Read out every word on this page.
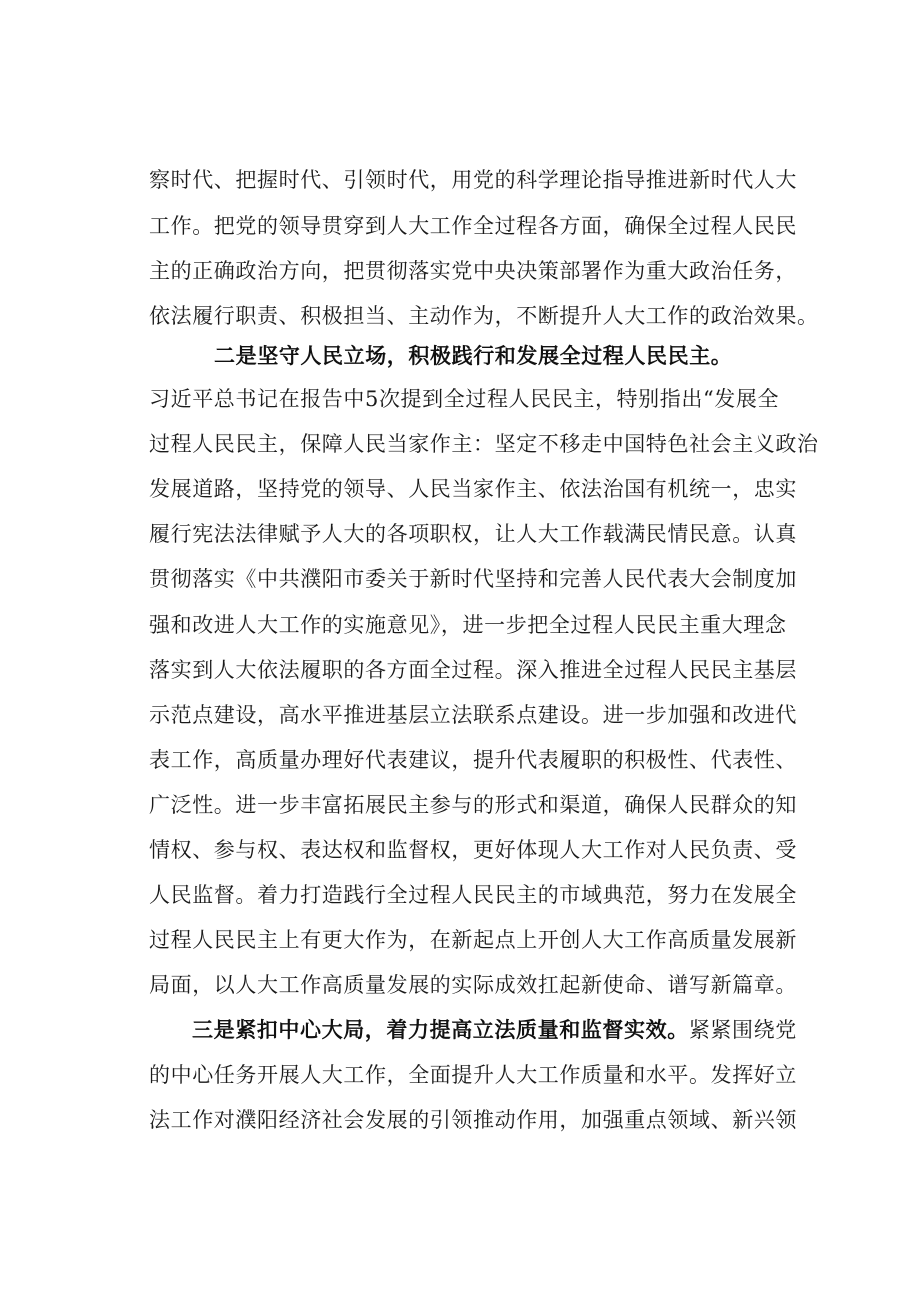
察时代、把握时代、引领时代，用党的科学理论指导推进新时代人大
工作。把党的领导贯穿到人大工作全过程各方面，确保全过程人民民
主的正确政治方向，把贯彻落实党中央决策部署作为重大政治任务，
依法履行职责、积极担当、主动作为，不断提升人大工作的政治效果。
二是坚守人民立场，积极践行和发展全过程人民民主。
习近平总书记在报告中5次提到全过程人民民主，特别指出“发展全
过程人民民主，保障人民当家作主：坚定不移走中国特色社会主义政治
发展道路，坚持党的领导、人民当家作主、依法治国有机统一，忠实
履行宪法法律赋予人大的各项职权，让人大工作载满民情民意。认真
贯彻落实《中共濮阳市委关于新时代坚持和完善人民代表大会制度加
强和改进人大工作的实施意见》，进一步把全过程人民民主重大理念
落实到人大依法履职的各方面全过程。深入推进全过程人民民主基层
示范点建设，高水平推进基层立法联系点建设。进一步加强和改进代
表工作，高质量办理好代表建议，提升代表履职的积极性、代表性、
广泛性。进一步丰富拓展民主参与的形式和渠道，确保人民群众的知
情权、参与权、表达权和监督权，更好体现人大工作对人民负责、受
人民监督。着力打造践行全过程人民民主的市域典范，努力在发展全
过程人民民主上有更大作为，在新起点上开创人大工作高质量发展新
局面，以人大工作高质量发展的实际成效扛起新使命、谱写新篇章。
三是紧扣中心大局，着力提高立法质量和监督实效。紧紧围绕党
的中心任务开展人大工作，全面提升人大工作质量和水平。发挥好立
法工作对濮阳经济社会发展的引领推动作用，加强重点领域、新兴领
